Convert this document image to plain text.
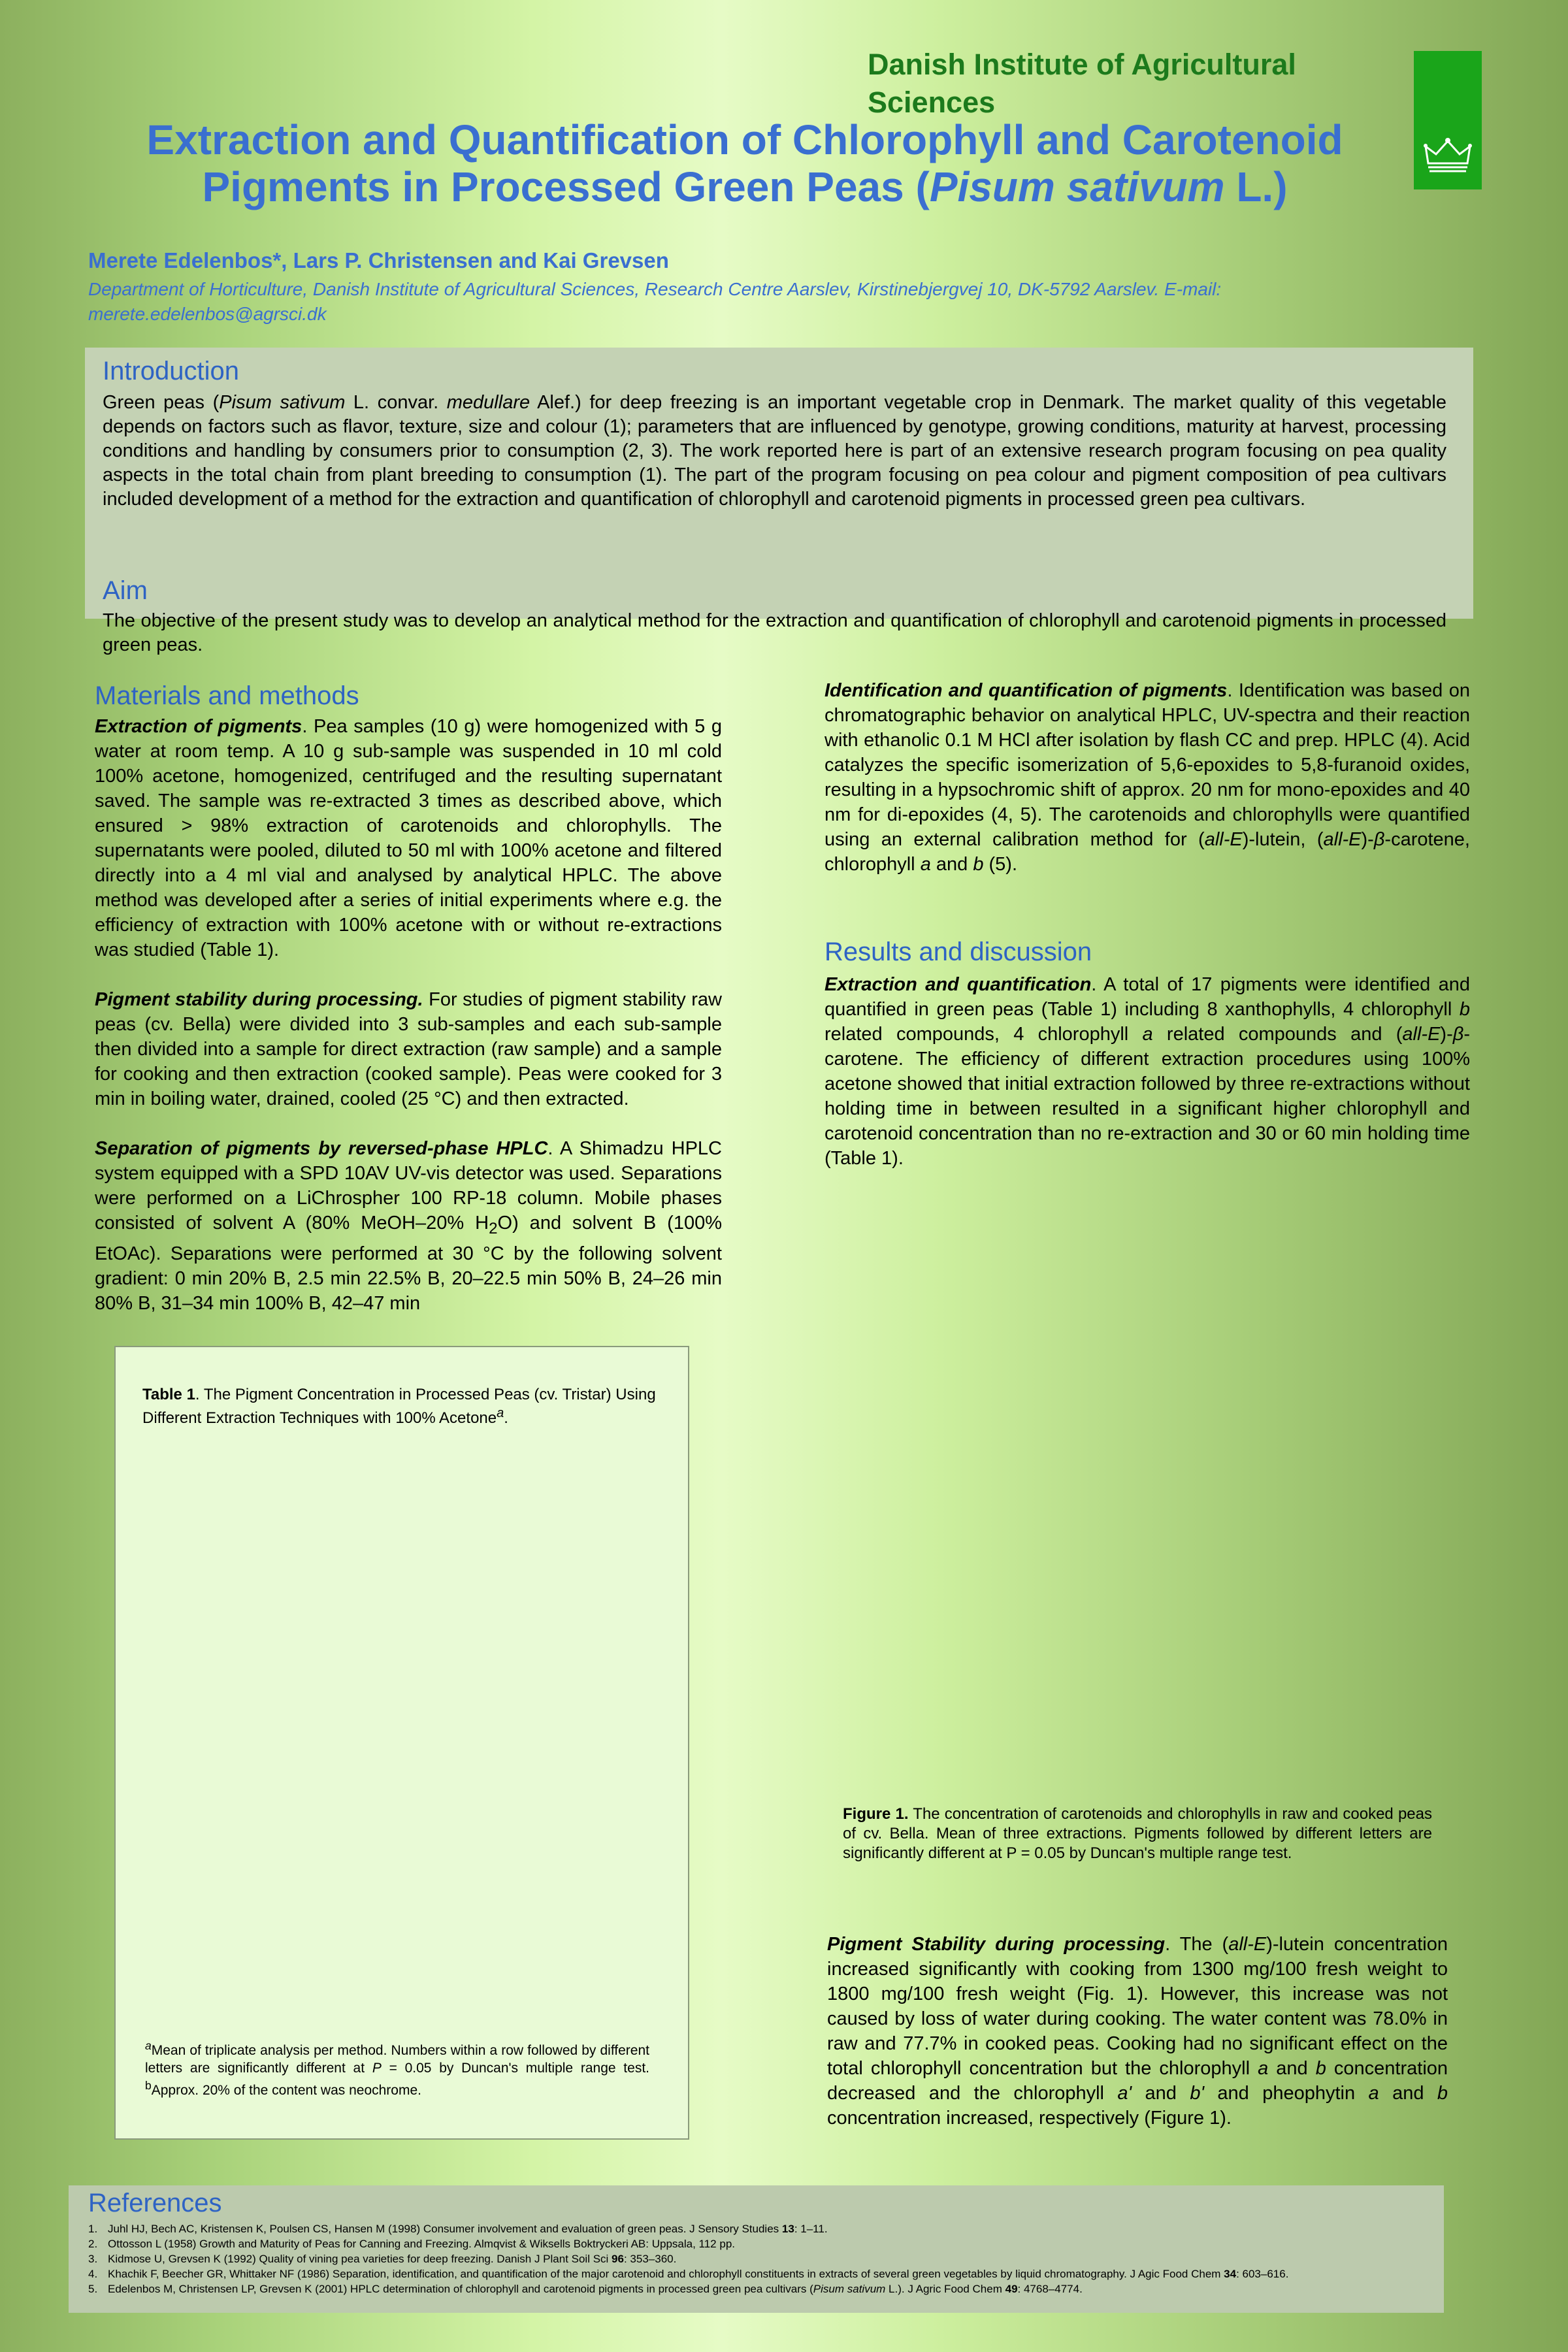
Danish Institute of Agricultural Sciences
Extraction and Quantification of Chlorophyll and Carotenoid
Pigments in Processed Green Peas (Pisum sativum L.)
Merete Edelenbos*, Lars P. Christensen and Kai Grevsen
Department of Horticulture, Danish Institute of Agricultural Sciences, Research Centre Aarslev, Kirstinebjergvej 10, DK-5792 Aarslev. E-mail: merete.edelenbos@agrsci.dk
Introduction
Green peas (Pisum sativum L. convar. medullare Alef.) for deep freezing is an important vegetable crop in Denmark. The market quality of this vegetable depends on factors such as flavor, texture, size and colour (1); parameters that are influenced by genotype, growing conditions, maturity at harvest, processing conditions and handling by consumers prior to consumption (2, 3). The work reported here is part of an extensive research program focusing on pea quality aspects in the total chain from plant breeding to consumption (1). The part of the program focusing on pea colour and pigment composition of pea cultivars included development of a method for the extraction and quantification of chlorophyll and carotenoid pigments in processed green pea cultivars.
Aim
The objective of the present study was to develop an analytical method for the extraction and quantification of chlorophyll and carotenoid pigments in processed green peas.
Materials and methods

Extraction of pigments. Pea samples (10 g) were homogenized with 5 g water at room temp. A 10 g sub-sample was suspended in 10 ml cold 100% acetone, homogenized, centrifuged and the resulting supernatant saved. The sample was re-extracted 3 times as described above, which ensured > 98% extraction of carotenoids and chlorophylls. The supernatants were pooled, diluted to 50 ml with 100% acetone and filtered directly into a 4 ml vial and analysed by analytical HPLC. The above method was developed after a series of initial experiments where e.g. the efficiency of extraction with 100% acetone with or without re-extractions was studied (Table 1).

Pigment stability during processing. For studies of pigment stability raw peas (cv. Bella) were divided into 3 sub-samples and each sub-sample then divided into a sample for direct extraction (raw sample) and a sample for cooking and then extraction (cooked sample). Peas were cooked for 3 min in boiling water, drained, cooled (25 °C) and then extracted.

Separation of pigments by reversed-phase HPLC. A Shimadzu HPLC system equipped with a SPD 10AV UV-vis detector was used. Separations were performed on a LiChrospher 100 RP-18 column. Mobile phases consisted of solvent A (80% MeOH–20% $H_2O$) and solvent B (100% EtOAc). Separations were performed at 30 °C by the following solvent gradient: 0 min 20% B, 2.5 min 22.5% B, 20–22.5 min 50% B, 24–26 min 80% B, 31–34 min 100% B, 42–47 min

Identification and quantification of pigments. Identification was based on chromatographic behavior on analytical HPLC, UV-spectra and their reaction with ethanolic 0.1 M HCl after isolation by flash CC and prep. HPLC (4). Acid catalyzes the specific isomerization of 5,6-epoxides to 5,8-furanoid oxides, resulting in a hypsochromic shift of approx. 20 nm for mono-epoxides and 40 nm for di-epoxides (4, 5). The carotenoids and chlorophylls were quantified using an external calibration method for (all-E)-lutein, (all-E)-β-carotene, chlorophyll a and b (5).

Results and discussion
Extraction and quantification. A total of 17 pigments were identified and quantified in green peas (Table 1) including 8 xanthophylls, 4 chlorophyll b related compounds, 4 chlorophyll a related compounds and (all-E)-β-carotene. The efficiency of different extraction procedures using 100% acetone showed that initial extraction followed by three re-extractions without holding time in between resulted in a significant higher chlorophyll and carotenoid concentration than no re-extraction and 30 or 60 min holding time (Table 1).
Table 1. The Pigment Concentration in Processed Peas (cv. Tristar) Using Different Extraction Techniques with 100% Acetone$^a$.
$^a$Mean of triplicate analysis per method. Numbers within a row followed by different letters are significantly different at P = 0.05 by Duncan's multiple range test. $^b$Approx. 20% of the content was neochrome.
Figure 1. The concentration of carotenoids and chlorophylls in raw and cooked peas of cv. Bella. Mean of three extractions. Pigments followed by different letters are significantly different at P = 0.05 by Duncan's multiple range test.
Pigment Stability during processing. The (all-E)-lutein concentration increased significantly with cooking from 1300 mg/100 fresh weight to 1800 mg/100 fresh weight (Fig. 1). However, this increase was not caused by loss of water during cooking. The water content was 78.0% in raw and 77.7% in cooked peas. Cooking had no significant effect on the total chlorophyll concentration but the chlorophyll a and b concentration decreased and the chlorophyll a' and b' and pheophytin a and b concentration increased, respectively (Figure 1).
References
1. Juhl HJ, Bech AC, Kristensen K, Poulsen CS, Hansen M (1998) Consumer involvement and evaluation of green peas. J Sensory Studies 13: 1–11.
2. Ottosson L (1958) Growth and Maturity of Peas for Canning and Freezing. Almqvist & Wiksells Boktryckeri AB: Uppsala, 112 pp.
3. Kidmose U, Grevsen K (1992) Quality of vining pea varieties for deep freezing. Danish J Plant Soil Sci 96: 353–360.
4. Khachik F, Beecher GR, Whittaker NF (1986) Separation, identification, and quantification of the major carotenoid and chlorophyll constituents in extracts of several green vegetables by liquid chromatography. J Agic Food Chem 34: 603–616.
5. Edelenbos M, Christensen LP, Grevsen K (2001) HPLC determination of chlorophyll and carotenoid pigments in processed green pea cultivars (Pisum sativum L.). J Agric Food Chem 49: 4768–4774.
